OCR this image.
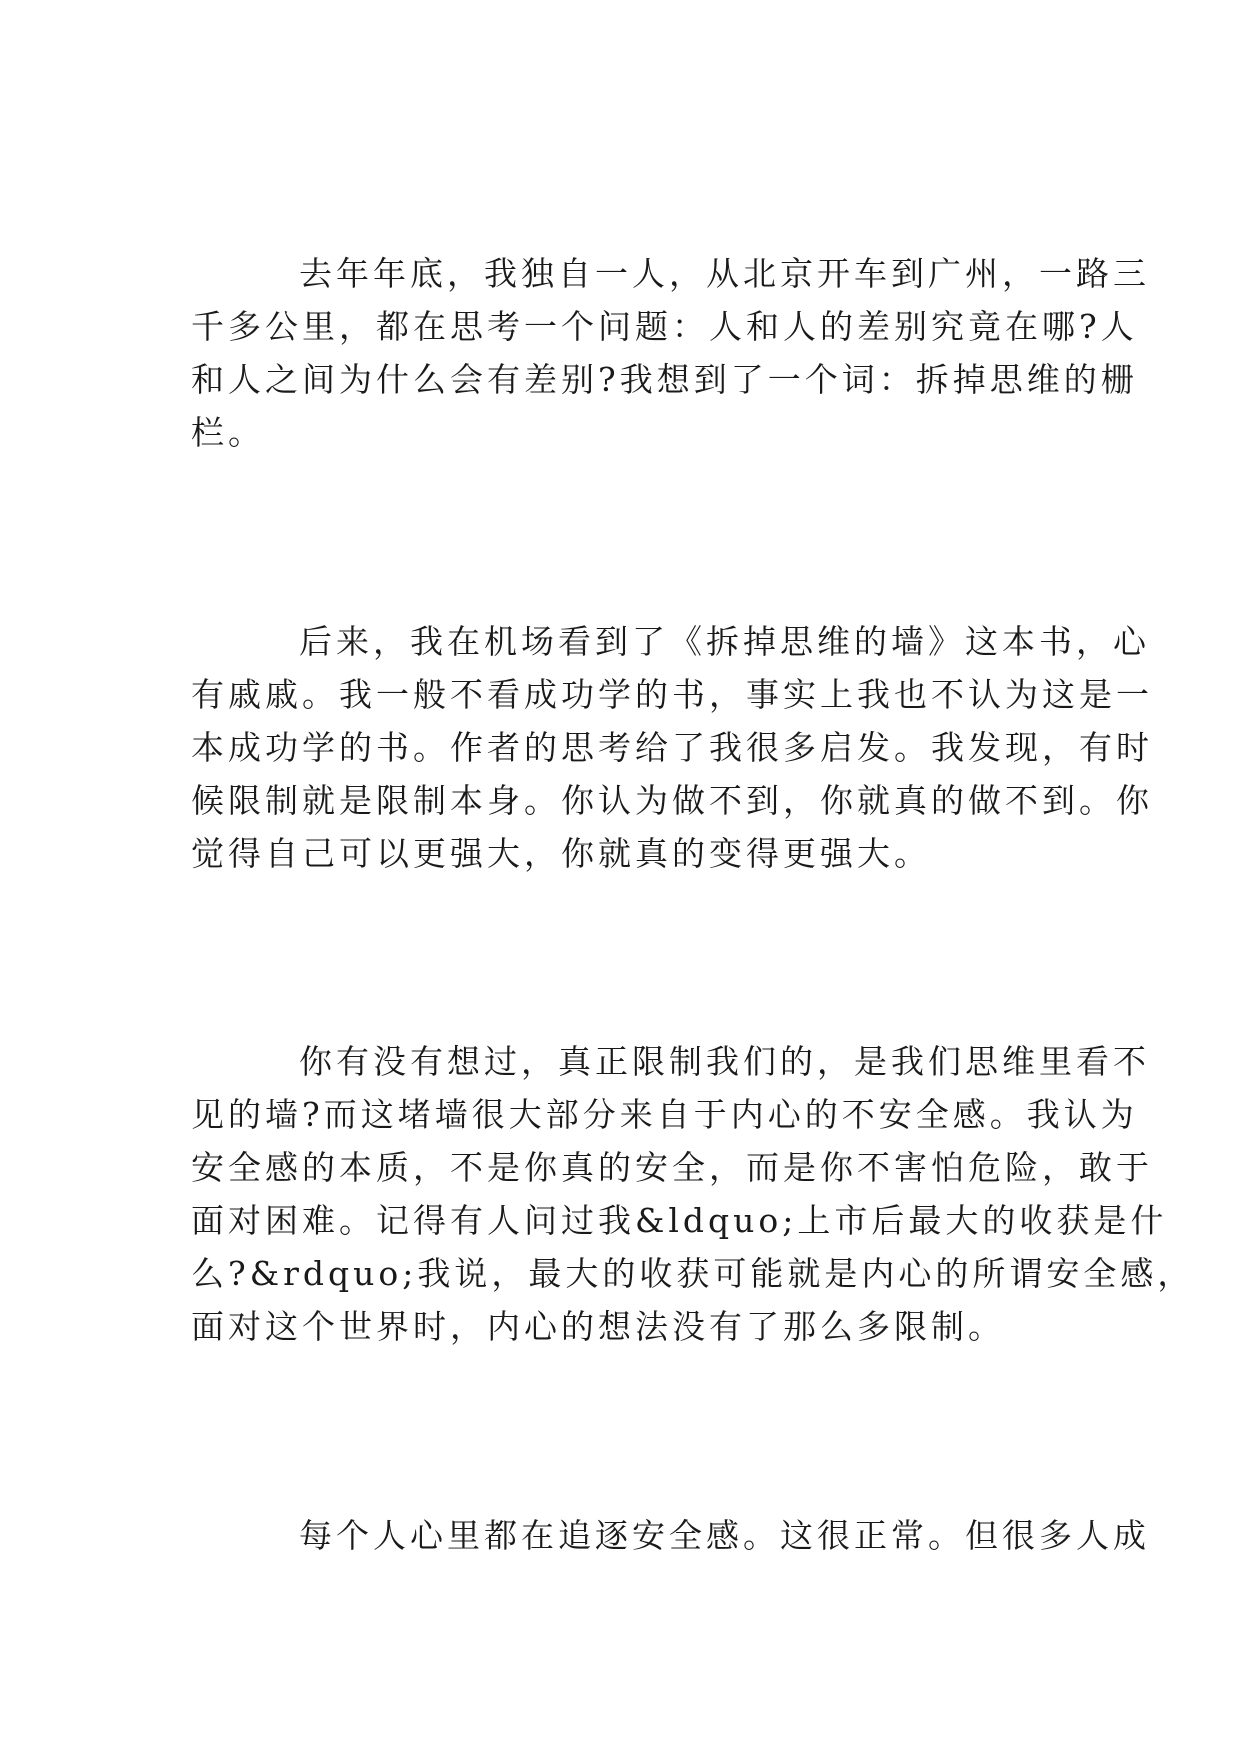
去年年底，我独自一人，从北京开车到广州，一路三
千多公里，都在思考一个问题：人和人的差别究竟在哪?人
和人之间为什么会有差别?我想到了一个词：拆掉思维的栅
栏。
后来，我在机场看到了《拆掉思维的墙》这本书，心
有戚戚。我一般不看成功学的书，事实上我也不认为这是一
本成功学的书。作者的思考给了我很多启发。我发现，有时
候限制就是限制本身。你认为做不到，你就真的做不到。你
觉得自己可以更强大，你就真的变得更强大。
你有没有想过，真正限制我们的，是我们思维里看不
见的墙?而这堵墙很大部分来自于内心的不安全感。我认为
安全感的本质，不是你真的安全，而是你不害怕危险，敢于
面对困难。记得有人问过我&ldquo;上市后最大的收获是什
么?&rdquo;我说，最大的收获可能就是内心的所谓安全感，
面对这个世界时，内心的想法没有了那么多限制。
每个人心里都在追逐安全感。这很正常。但很多人成
